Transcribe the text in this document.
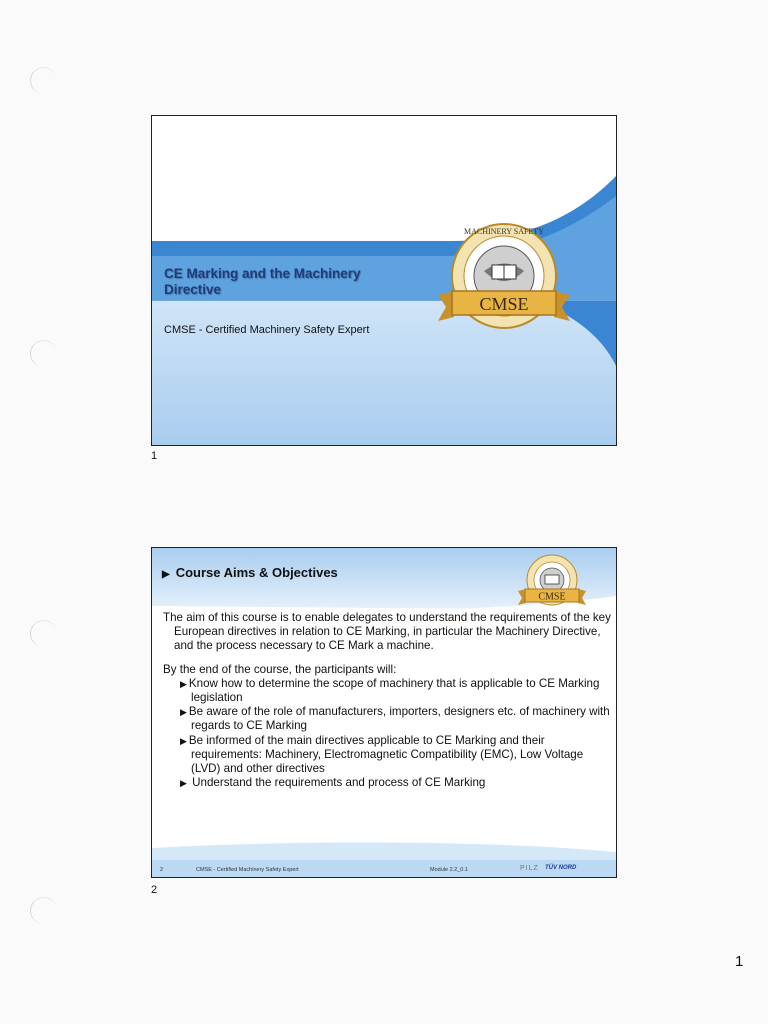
CE Marking and the Machinery Directive
CMSE - Certified Machinery Safety Expert
MACHINERY SAFETY
CMSE
1
▶ Course Aims & Objectives
CMSE

The aim of this course is to enable delegates to understand the requirements of the key European directives in relation to CE Marking, in particular the Machinery Directive, and the process necessary to CE Mark a machine.

By the end of the course, the participants will:

▶ Know how to determine the scope of machinery that is applicable to CE Marking legislation
▶ Be aware of the role of manufacturers, importers, designers etc. of machinery with regards to CE Marking
▶ Be informed of the main directives applicable to CE Marking and their requirements: Machinery, Electromagnetic Compatibility (EMC), Low Voltage (LVD) and other directives
▶ Understand the requirements and process of CE Marking
2	CMSE - Certified Machinery Safety Expert	Module 2.2_0.1	PILZ TÜV NORD
2
1
